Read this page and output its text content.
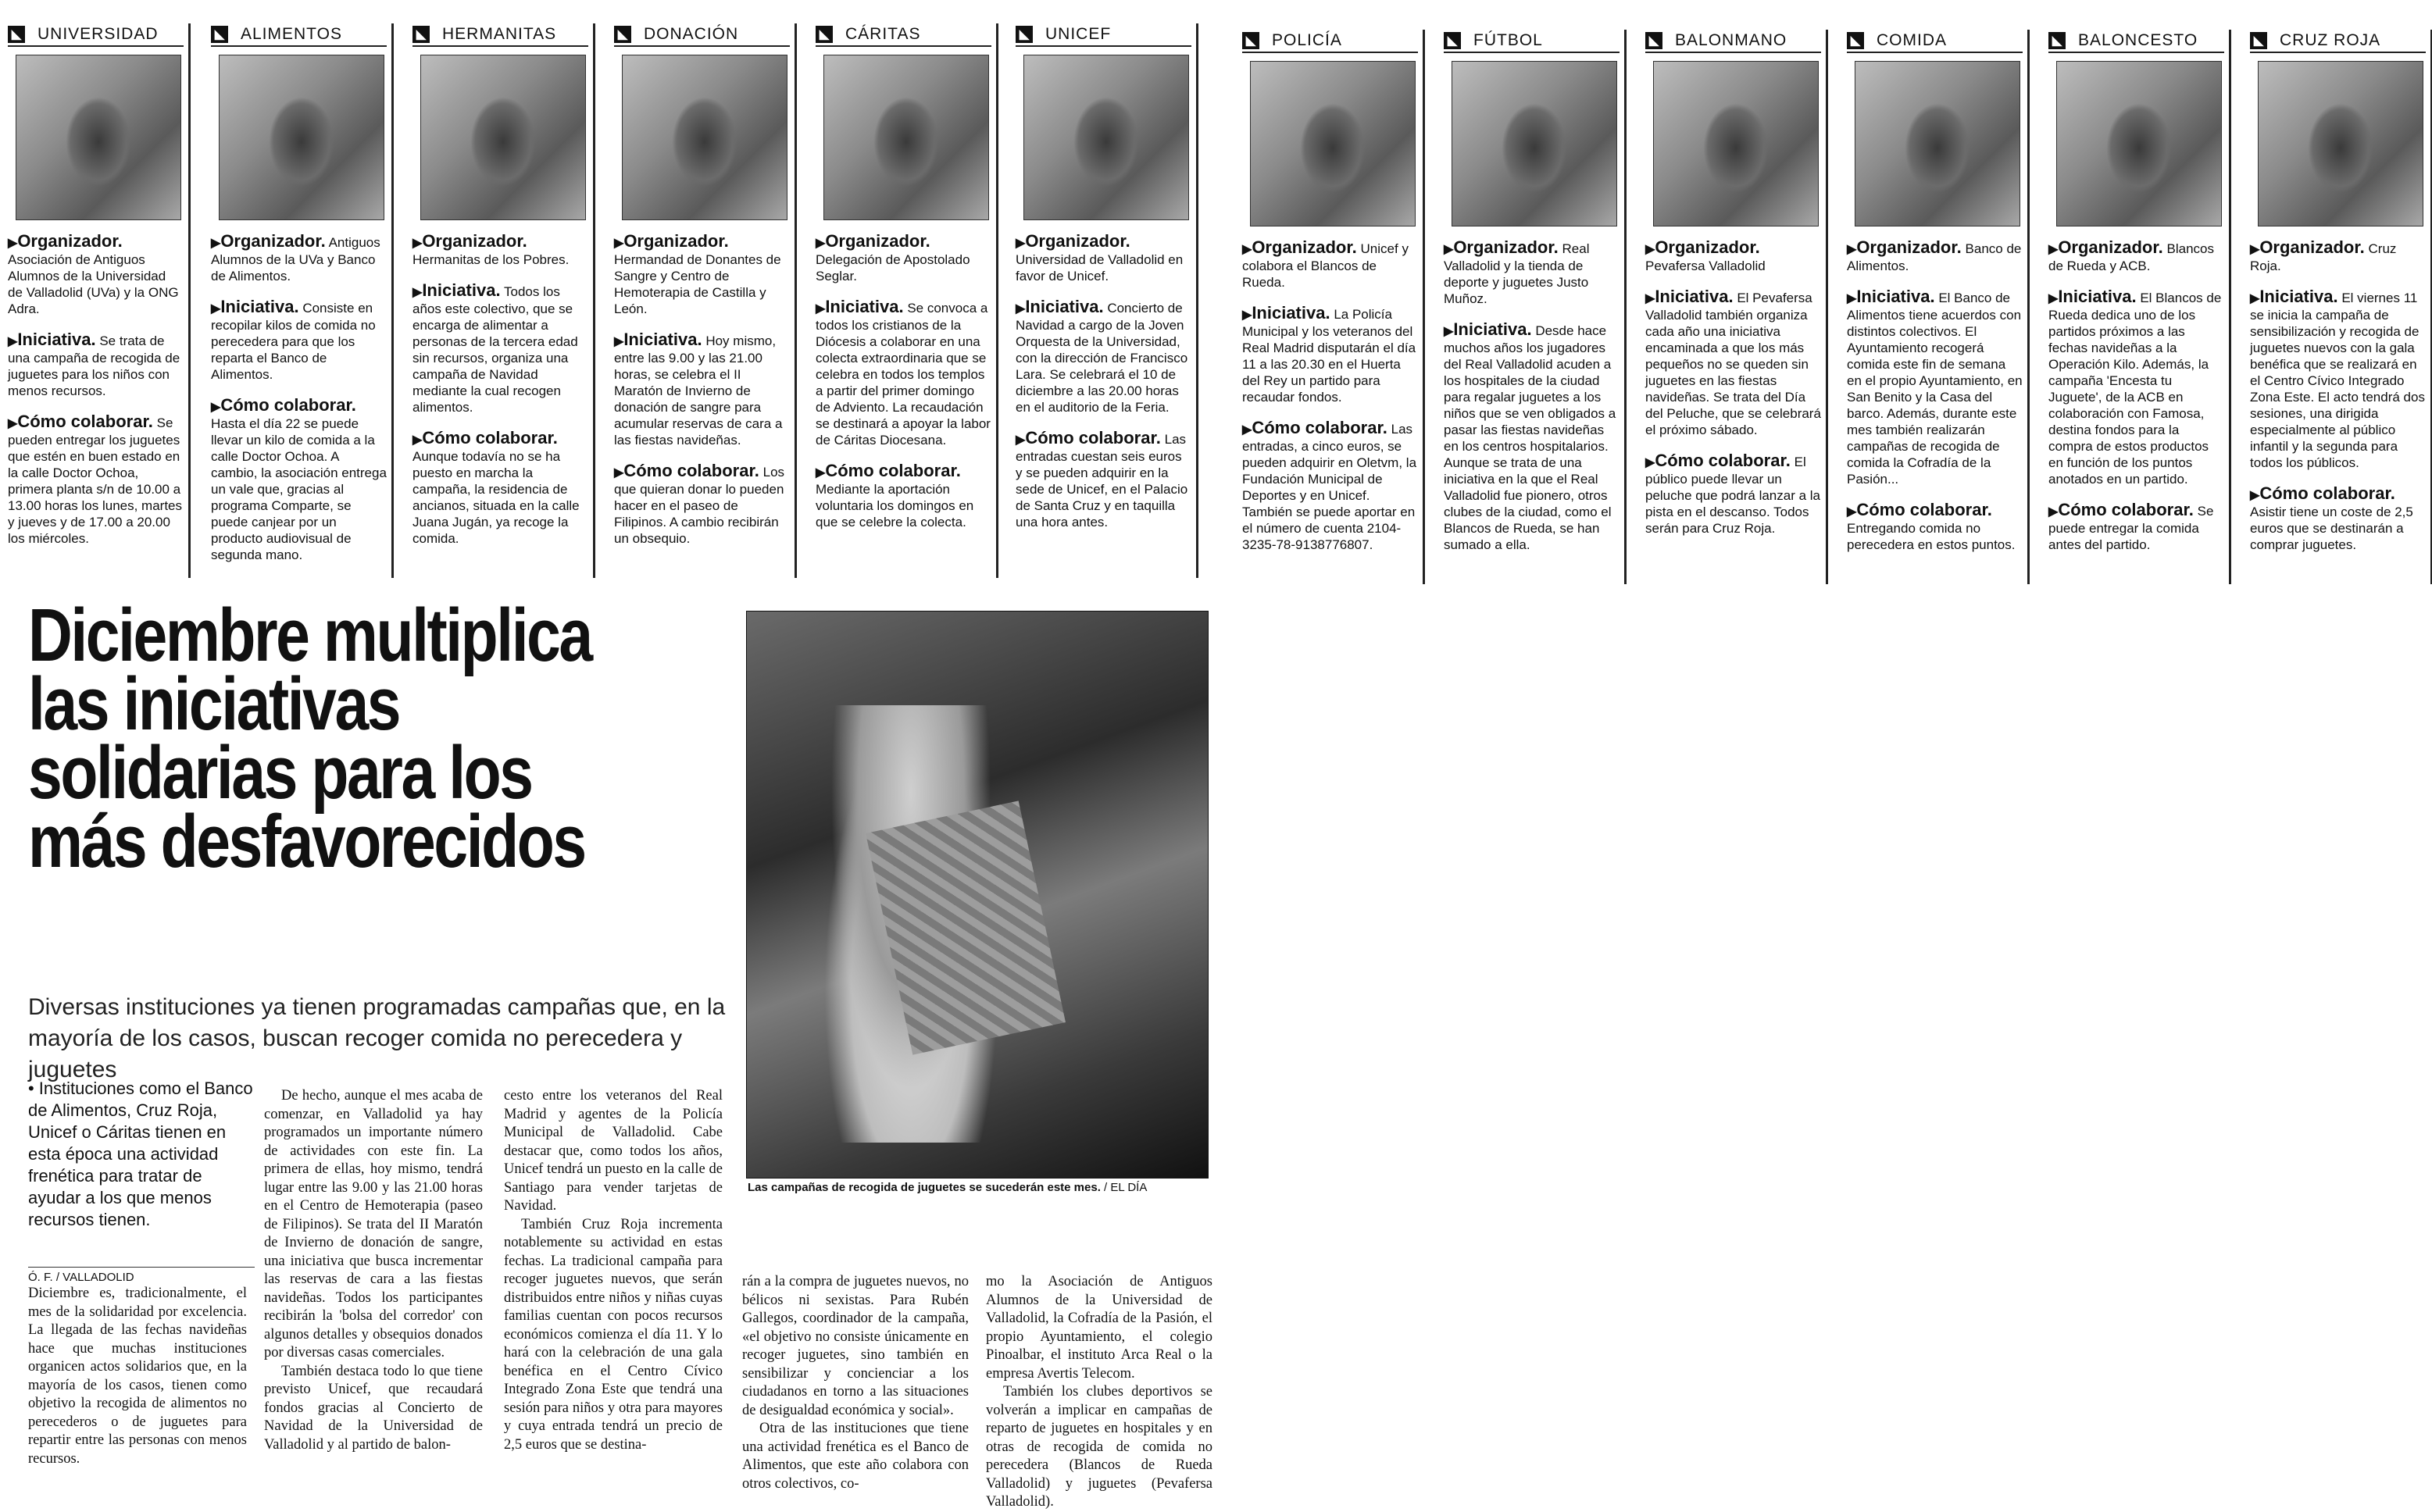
◣ UNIVERSIDAD

▶ Organizador. Asociación de Antiguos Alumnos de la Universidad de Valladolid (UVa) y la ONG Adra.

▶ Iniciativa. Se trata de una campaña de recogida de juguetes para los niños con menos recursos.

▶ Cómo colaborar. Se pueden entregar los juguetes que estén en buen estado en la calle Doctor Ochoa, primera planta s/n de 10.00 a 13.00 horas los lunes, martes y jueves y de 17.00 a 20.00 los miércoles.

◣ ALIMENTOS

▶ Organizador. Antiguos Alumnos de la UVa y Banco de Alimentos.

▶ Iniciativa. Consiste en recopilar kilos de comida no perecedera para que los reparta el Banco de Alimentos.

▶ Cómo colaborar. Hasta el día 22 se puede llevar un kilo de comida a la calle Doctor Ochoa. A cambio, la asociación entrega un vale que, gracias al programa Comparte, se puede canjear por un producto audiovisual de segunda mano.

◣ HERMANITAS

▶ Organizador. Hermanitas de los Pobres.

▶ Iniciativa. Todos los años este colectivo, que se encarga de alimentar a personas de la tercera edad sin recursos, organiza una campaña de Navidad mediante la cual recogen alimentos.

▶ Cómo colaborar. Aunque todavía no se ha puesto en marcha la campaña, la residencia de ancianos, situada en la calle Juana Jugán, ya recoge la comida.

◣ DONACIÓN

▶ Organizador. Hermandad de Donantes de Sangre y Centro de Hemoterapia de Castilla y León.

▶ Iniciativa. Hoy mismo, entre las 9.00 y las 21.00 horas, se celebra el II Maratón de Invierno de donación de sangre para acumular reservas de cara a las fiestas navideñas.

▶ Cómo colaborar. Los que quieran donar lo pueden hacer en el paseo de Filipinos. A cambio recibirán un obsequio.

◣ CÁRITAS

▶ Organizador. Delegación de Apostolado Seglar.

▶ Iniciativa. Se convoca a todos los cristianos de la Diócesis a colaborar en una colecta extraordinaria que se celebra en todos los templos a partir del primer domingo de Adviento. La recaudación se destinará a apoyar la labor de Cáritas Diocesana.

▶ Cómo colaborar. Mediante la aportación voluntaria los domingos en que se celebre la colecta.

◣ UNICEF

▶ Organizador. Universidad de Valladolid en favor de Unicef.

▶ Iniciativa. Concierto de Navidad a cargo de la Joven Orquesta de la Universidad, con la dirección de Francisco Lara. Se celebrará el 10 de diciembre a las 20.00 horas en el auditorio de la Feria.

▶ Cómo colaborar. Las entradas cuestan seis euros y se pueden adquirir en la sede de Unicef, en el Palacio de Santa Cruz y en taquilla una hora antes.

◣ POLICÍA

▶ Organizador. Unicef y colabora el Blancos de Rueda.

▶ Iniciativa. La Policía Municipal y los veteranos del Real Madrid disputarán el día 11 a las 20.30 en el Huerta del Rey un partido para recaudar fondos.

▶ Cómo colaborar. Las entradas, a cinco euros, se pueden adquirir en Oletvm, la Fundación Municipal de Deportes y en Unicef. También se puede aportar en el número de cuenta 2104-3235-78-9138776807.

◣ FÚTBOL

▶ Organizador. Real Valladolid y la tienda de deporte y juguetes Justo Muñoz.

▶ Iniciativa. Desde hace muchos años los jugadores del Real Valladolid acuden a los hospitales de la ciudad para regalar juguetes a los niños que se ven obligados a pasar las fiestas navideñas en los centros hospitalarios. Aunque se trata de una iniciativa en la que el Real Valladolid fue pionero, otros clubes de la ciudad, como el Blancos de Rueda, se han sumado a ella.

◣ BALONMANO

▶ Organizador. Pevafersa Valladolid

▶ Iniciativa. El Pevafersa Valladolid también organiza cada año una iniciativa encaminada a que los más pequeños no se queden sin juguetes en las fiestas navideñas. Se trata del Día del Peluche, que se celebrará el próximo sábado.

▶ Cómo colaborar. El público puede llevar un peluche que podrá lanzar a la pista en el descanso. Todos serán para Cruz Roja.

◣ COMIDA

▶ Organizador. Banco de Alimentos.

▶ Iniciativa. El Banco de Alimentos tiene acuerdos con distintos colectivos. El Ayuntamiento recogerá comida este fin de semana en el propio Ayuntamiento, en San Benito y la Casa del barco. Además, durante este mes también realizarán campañas de recogida de comida la Cofradía de la Pasión...

▶ Cómo colaborar. Entregando comida no perecedera en estos puntos.

◣ BALONCESTO

▶ Organizador. Blancos de Rueda y ACB.

▶ Iniciativa. El Blancos de Rueda dedica uno de los partidos próximos a las fechas navideñas a la Operación Kilo. Además, la campaña 'Encesta tu Juguete', de la ACB en colaboración con Famosa, destina fondos para la compra de estos productos en función de los puntos anotados en un partido.

▶ Cómo colaborar. Se puede entregar la comida antes del partido.

◣ CRUZ ROJA

▶ Organizador. Cruz Roja.

▶ Iniciativa. El viernes 11 se inicia la campaña de sensibilización y recogida de juguetes nuevos con la gala benéfica que se realizará en el Centro Cívico Integrado Zona Este. El acto tendrá dos sesiones, una dirigida especialmente al público infantil y la segunda para todos los públicos.

▶ Cómo colaborar. Asistir tiene un coste de 2,5 euros que se destinarán a comprar juguetes.

Diciembre multiplica las iniciativas solidarias para los más desfavorecidos
Diversas instituciones ya tienen programadas campañas que, en la mayoría de los casos, buscan recoger comida no perecedera y juguetes
Las campañas de recogida de juguetes se sucederán este mes. / EL DÍA
• Instituciones como el Banco de Alimentos, Cruz Roja, Unicef o Cáritas tienen en esta época una actividad frenética para tratar de ayudar a los que menos recursos tienen.
Ó. F. / VALLADOLID

Diciembre es, tradicionalmente, el mes de la solidaridad por excelencia. La llegada de las fechas navideñas hace que muchas instituciones organicen actos solidarios que, en la mayoría de los casos, tienen como objetivo la recogida de alimentos no perecederos o de juguetes para repartir entre las personas con menos recursos.

De hecho, aunque el mes acaba de comenzar, en Valladolid ya hay programados un importante número de actividades con este fin. La primera de ellas, hoy mismo, tendrá lugar entre las 9.00 y las 21.00 horas en el Centro de Hemoterapia (paseo de Filipinos). Se trata del II Maratón de Invierno de donación de sangre, una iniciativa que busca incrementar las reservas de cara a las fiestas navideñas. Todos los participantes recibirán la 'bolsa del corredor' con algunos detalles y obsequios donados por diversas casas comerciales.

También destaca todo lo que tiene previsto Unicef, que recaudará fondos gracias al Concierto de Navidad de la Universidad de Valladolid y al partido de balon-

cesto entre los veteranos del Real Madrid y agentes de la Policía Municipal de Valladolid. Cabe destacar que, como todos los años, Unicef tendrá un puesto en la calle de Santiago para vender tarjetas de Navidad.

También Cruz Roja incrementa notablemente su actividad en estas fechas. La tradicional campaña para recoger juguetes nuevos, que serán distribuidos entre niños y niñas cuyas familias cuentan con pocos recursos económicos comienza el día 11. Y lo hará con la celebración de una gala benéfica en el Centro Cívico Integrado Zona Este que tendrá una sesión para niños y otra para mayores y cuya entrada tendrá un precio de 2,5 euros que se destina-

rán a la compra de juguetes nuevos, no bélicos ni sexistas. Para Rubén Gallegos, coordinador de la campaña, «el objetivo no consiste únicamente en recoger juguetes, sino también en sensibilizar y concienciar a los ciudadanos en torno a las situaciones de desigualdad económica y social».

Otra de las instituciones que tiene una actividad frenética es el Banco de Alimentos, que este año colabora con otros colectivos, co-

mo la Asociación de Antiguos Alumnos de la Universidad de Valladolid, la Cofradía de la Pasión, el propio Ayuntamiento, el colegio Pinoalbar, el instituto Arca Real o la empresa Avertis Telecom.

También los clubes deportivos se volverán a implicar en campañas de reparto de juguetes en hospitales y en otras de recogida de comida no perecedera (Blancos de Rueda Valladolid) y juguetes (Pevafersa Valladolid).
